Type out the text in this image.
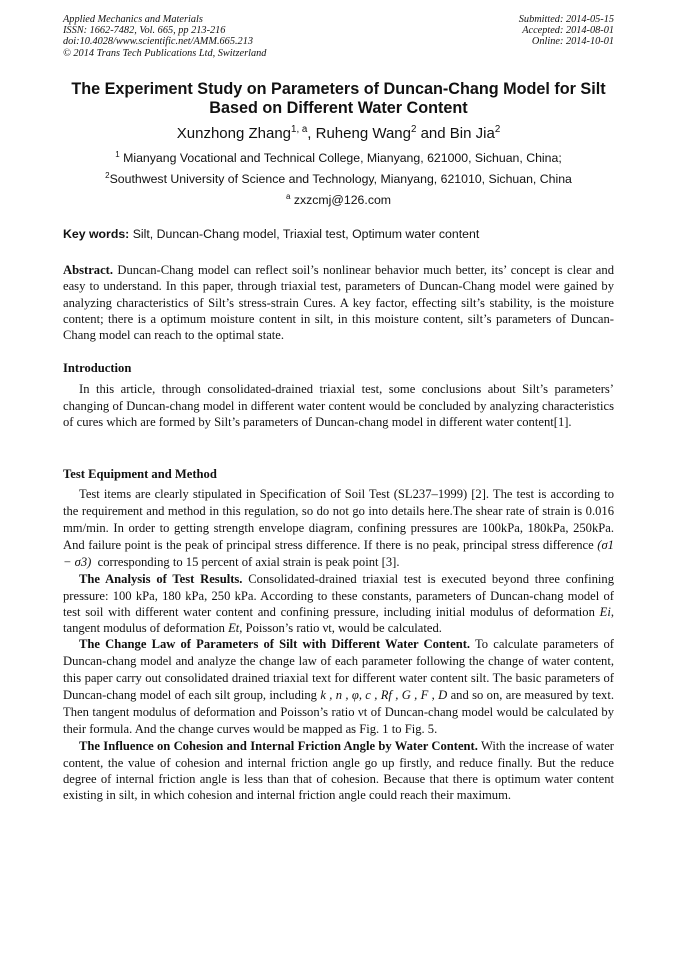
Applied Mechanics and Materials
ISSN: 1662-7482, Vol. 665, pp 213-216
doi:10.4028/www.scientific.net/AMM.665.213
© 2014 Trans Tech Publications Ltd, Switzerland
Submitted: 2014-05-15
Accepted: 2014-08-01
Online: 2014-10-01
The Experiment Study on Parameters of Duncan-Chang Model for Silt Based on Different Water Content
Xunzhong Zhang$^{1, a}$, Ruheng Wang$^2$ and Bin Jia$^2$
$^1$ Mianyang Vocational and Technical College, Mianyang, 621000, Sichuan, China;
$^2$Southwest University of Science and Technology, Mianyang, 621010, Sichuan, China
$^a$ zxzcmj@126.com
Key words: Silt, Duncan-Chang model, Triaxial test, Optimum water content

Abstract. Duncan-Chang model can reflect soil’s nonlinear behavior much better, its’ concept is clear and easy to understand. In this paper, through triaxial test, parameters of Duncan-Chang model were gained by analyzing characteristics of Silt’s stress-strain Cures. A key factor, effecting silt’s stability, is the moisture content; there is a optimum moisture content in silt, in this moisture content, silt’s parameters of Duncan-Chang model can reach to the optimal state.

Introduction

In this article, through consolidated-drained triaxial test, some conclusions about Silt’s parameters’ changing of Duncan-chang model in different water content would be concluded by analyzing characteristics of cures which are formed by Silt’s parameters of Duncan-chang model in different water content[1].

Test Equipment and Method

Test items are clearly stipulated in Specification of Soil Test (SL237–1999) [2]. The test is according to the requirement and method in this regulation, so do not go into details here.The shear rate of strain is 0.016 mm/min. In order to getting strength envelope diagram, confining pressures are 100kPa, 180kPa, 250kPa. And failure point is the peak of principal stress difference. If there is no peak, principal stress difference (σ1 − σ3) corresponding to 15 percent of axial strain is peak point [3].

The Analysis of Test Results. Consolidated-drained triaxial test is executed beyond three confining pressure: 100 kPa, 180 kPa, 250 kPa. According to these constants, parameters of Duncan-chang model of test soil with different water content and confining pressure, including initial modulus of deformation Ei, tangent modulus of deformation Et, Poisson’s ratio νt, would be calculated.

The Change Law of Parameters of Silt with Different Water Content. To calculate parameters of Duncan-chang model and analyze the change law of each parameter following the change of water content, this paper carry out consolidated drained triaxial text for different water content silt. The basic parameters of Duncan-chang model of each silt group, including k , n , φ, c , Rf , G , F , D and so on, are measured by text. Then tangent modulus of deformation and Poisson’s ratio νt of Duncan-chang model would be calculated by their formula. And the change curves would be mapped as Fig. 1 to Fig. 5.

The Influence on Cohesion and Internal Friction Angle by Water Content. With the increase of water content, the value of cohesion and internal friction angle go up firstly, and reduce finally. But the reduce degree of internal friction angle is less than that of cohesion. Because that there is optimum water content existing in silt, in which cohesion and internal friction angle could reach their maximum.
